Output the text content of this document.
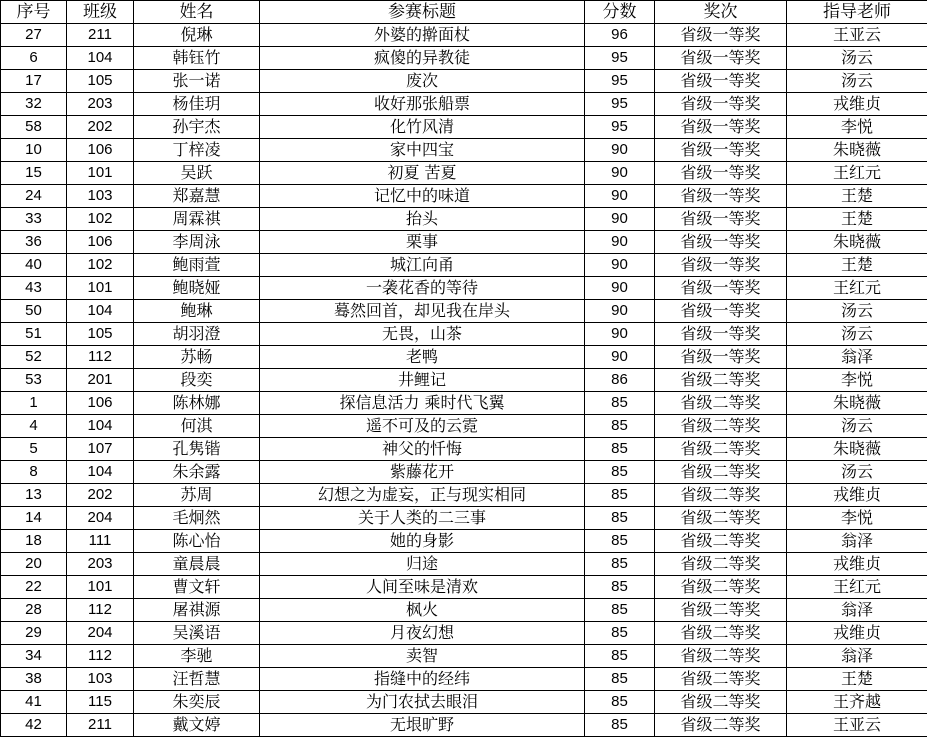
序号	班级	姓名	参赛标题	分数	奖次	指导老师
27	211	倪琳	外婆的擀面杖	96	省级一等奖	王亚云
6	104	韩钰竹	疯傻的异教徒	95	省级一等奖	汤云
17	105	张一诺	废次	95	省级一等奖	汤云
32	203	杨佳玥	收好那张船票	95	省级一等奖	戎维贞
58	202	孙宇杰	化竹风清	95	省级一等奖	李悦
10	106	丁梓凌	家中四宝	90	省级一等奖	朱晓薇
15	101	吴跃	初夏 苦夏	90	省级一等奖	王红元
24	103	郑嘉慧	记忆中的味道	90	省级一等奖	王楚
33	102	周霖祺	抬头	90	省级一等奖	王楚
36	106	李周泳	栗事	90	省级一等奖	朱晓薇
40	102	鲍雨萱	城江向甬	90	省级一等奖	王楚
43	101	鲍晓娅	一袭花香的等待	90	省级一等奖	王红元
50	104	鲍琳	蓦然回首，却见我在岸头	90	省级一等奖	汤云
51	105	胡羽澄	无畏，山茶	90	省级一等奖	汤云
52	112	苏畅	老鸭	90	省级一等奖	翁泽
53	201	段奕	井鲤记	86	省级二等奖	李悦
1	106	陈林娜	探信息活力 乘时代飞翼	85	省级二等奖	朱晓薇
4	104	何淇	遥不可及的云霓	85	省级二等奖	汤云
5	107	孔隽锴	神父的忏悔	85	省级二等奖	朱晓薇
8	104	朱余露	紫藤花开	85	省级二等奖	汤云
13	202	苏周	幻想之为虚妄，正与现实相同	85	省级二等奖	戎维贞
14	204	毛炯然	关于人类的二三事	85	省级二等奖	李悦
18	111	陈心怡	她的身影	85	省级二等奖	翁泽
20	203	童晨晨	归途	85	省级二等奖	戎维贞
22	101	曹文轩	人间至味是清欢	85	省级二等奖	王红元
28	112	屠祺源	枫火	85	省级二等奖	翁泽
29	204	吴溪语	月夜幻想	85	省级二等奖	戎维贞
34	112	李驰	卖智	85	省级二等奖	翁泽
38	103	汪哲慧	指缝中的经纬	85	省级二等奖	王楚
41	115	朱奕辰	为门农拭去眼泪	85	省级二等奖	王齐越
42	211	戴文婷	无垠旷野	85	省级二等奖	王亚云
